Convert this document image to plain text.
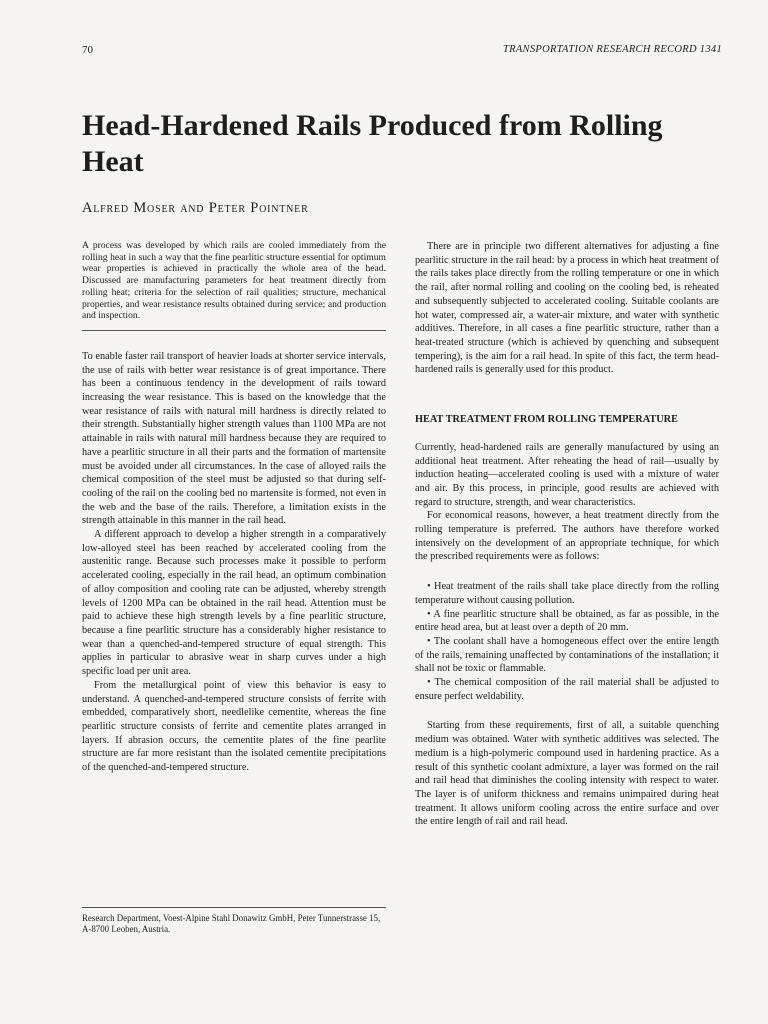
70	TRANSPORTATION RESEARCH RECORD 1341
Head-Hardened Rails Produced from Rolling Heat
Alfred Moser and Peter Pointner

A process was developed by which rails are cooled immediately from the rolling heat in such a way that the fine pearlitic structure essential for optimum wear properties is achieved in practically the whole area of the head. Discussed are manufacturing parameters for heat treatment directly from rolling heat; criteria for the selection of rail qualities; structure, mechanical properties, and wear resistance results obtained during service; and production and inspection.

To enable faster rail transport of heavier loads at shorter service intervals, the use of rails with better wear resistance is of great importance. There has been a continuous tendency in the development of rails toward increasing the wear resistance. This is based on the knowledge that the wear resistance of rails with natural mill hardness is directly related to their strength. Substantially higher strength values than 1100 MPa are not attainable in rails with natural mill hardness because they are required to have a pearlitic structure in all their parts and the formation of martensite must be avoided under all circumstances. In the case of alloyed rails the chemical composition of the steel must be adjusted so that during self-cooling of the rail on the cooling bed no martensite is formed, not even in the web and the base of the rails. Therefore, a limitation exists in the strength attainable in this manner in the rail head.

A different approach to develop a higher strength in a comparatively low-alloyed steel has been reached by accelerated cooling from the austenitic range. Because such processes make it possible to perform accelerated cooling, especially in the rail head, an optimum combination of alloy composition and cooling rate can be adjusted, whereby strength levels of 1200 MPa can be obtained in the rail head. Attention must be paid to achieve these high strength levels by a fine pearlitic structure, because a fine pearlitic structure has a considerably higher resistance to wear than a quenched-and-tempered structure of equal strength. This applies in particular to abrasive wear in sharp curves under a high specific load per unit area.

From the metallurgical point of view this behavior is easy to understand. A quenched-and-tempered structure consists of ferrite with embedded, comparatively short, needlelike cementite, whereas the fine pearlitic structure consists of ferrite and cementite plates arranged in layers. If abrasion occurs, the cementite plates of the fine pearlite structure are far more resistant than the isolated cementite precipitations of the quenched-and-tempered structure.

Research Department, Voest-Alpine Stahl Donawitz GmbH, Peter Tunnerstrasse 15, A-8700 Leoben, Austria.

There are in principle two different alternatives for adjusting a fine pearlitic structure in the rail head: by a process in which heat treatment of the rails takes place directly from the rolling temperature or one in which the rail, after normal rolling and cooling on the cooling bed, is reheated and subsequently subjected to accelerated cooling. Suitable coolants are hot water, compressed air, a water-air mixture, and water with synthetic additives. Therefore, in all cases a fine pearlitic structure, rather than a heat-treated structure (which is achieved by quenching and subsequent tempering), is the aim for a rail head. In spite of this fact, the term head-hardened rails is generally used for this product.

HEAT TREATMENT FROM ROLLING TEMPERATURE

Currently, head-hardened rails are generally manufactured by using an additional heat treatment. After reheating the head of rail—usually by induction heating—accelerated cooling is used with a mixture of water and air. By this process, in principle, good results are achieved with regard to structure, strength, and wear characteristics.

For economical reasons, however, a heat treatment directly from the rolling temperature is preferred. The authors have therefore worked intensively on the development of an appropriate technique, for which the prescribed requirements were as follows:

• Heat treatment of the rails shall take place directly from the rolling temperature without causing pollution.

• A fine pearlitic structure shall be obtained, as far as possible, in the entire head area, but at least over a depth of 20 mm.

• The coolant shall have a homogeneous effect over the entire length of the rails, remaining unaffected by contaminations of the installation; it shall not be toxic or flammable.

• The chemical composition of the rail material shall be adjusted to ensure perfect weldability.

Starting from these requirements, first of all, a suitable quenching medium was obtained. Water with synthetic additives was selected. The medium is a high-polymeric compound used in hardening practice. As a result of this synthetic coolant admixture, a layer was formed on the rail and rail head that diminishes the cooling intensity with respect to water. The layer is of uniform thickness and remains unimpaired during heat treatment. It allows uniform cooling across the entire surface and over the entire length of rail and rail head.
